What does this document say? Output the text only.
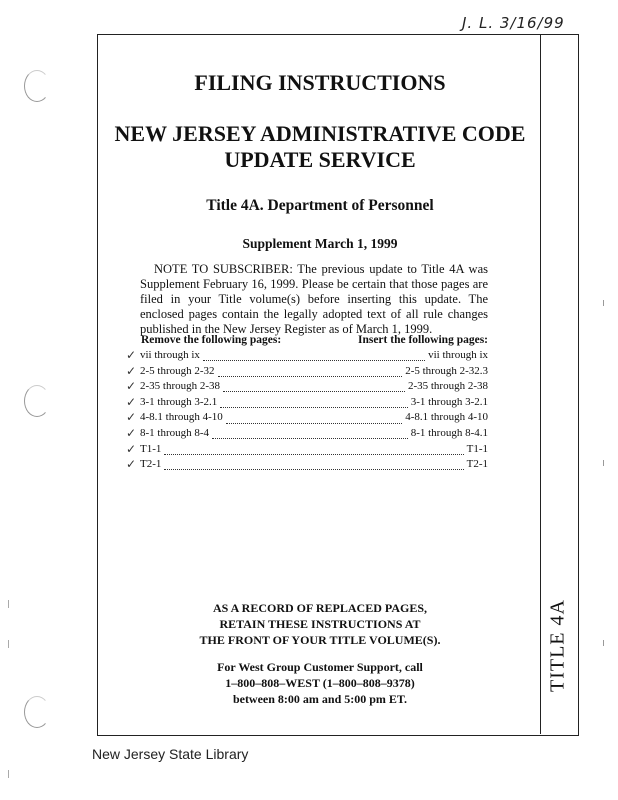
J. L. 3/16/99
TITLE 4A
FILING INSTRUCTIONS
NEW JERSEY ADMINISTRATIVE CODE
UPDATE SERVICE
Title 4A. Department of Personnel
Supplement March 1, 1999
NOTE TO SUBSCRIBER: The previous update to Title 4A was Supplement February 16, 1999. Please be certain that those pages are filed in your Title volume(s) before inserting this update. The enclosed pages contain the legally adopted text of all rule changes published in the New Jersey Register as of March 1, 1999.
Remove the following pages:	Insert the following pages:
✓ vii through ix	vii through ix
✓ 2-5 through 2-32	2-5 through 2-32.3
✓ 2-35 through 2-38	2-35 through 2-38
✓ 3-1 through 3-2.1	3-1 through 3-2.1
✓ 4-8.1 through 4-10	4-8.1 through 4-10
✓ 8-1 through 8-4	8-1 through 8-4.1
✓ T1-1	T1-1
✓ T2-1	T2-1
AS A RECORD OF REPLACED PAGES,
RETAIN THESE INSTRUCTIONS AT
THE FRONT OF YOUR TITLE VOLUME(S).
For West Group Customer Support, call
1–800–808–WEST (1–800–808–9378)
between 8:00 am and 5:00 pm ET.
New Jersey State Library
